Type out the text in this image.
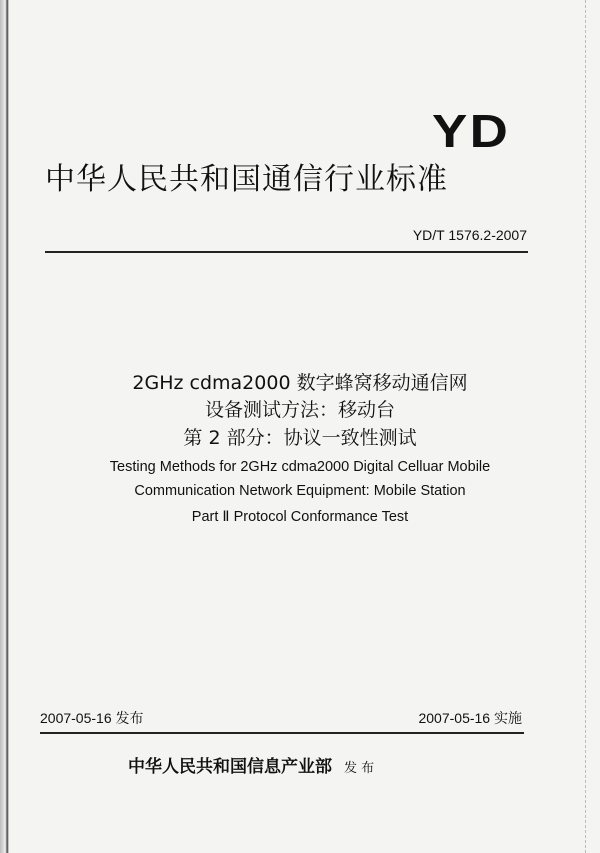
YD
中华人民共和国通信行业标准
YD/T 1576.2-2007
2GHz cdma2000 数字蜂窝移动通信网
设备测试方法：移动台
第 2 部分：协议一致性测试
Testing Methods for 2GHz cdma2000 Digital Celluar Mobile
Communication Network Equipment: Mobile Station
Part Ⅱ Protocol Conformance Test
2007-05-16 发布	2007-05-16 实施
中华人民共和国信息产业部 发 布
